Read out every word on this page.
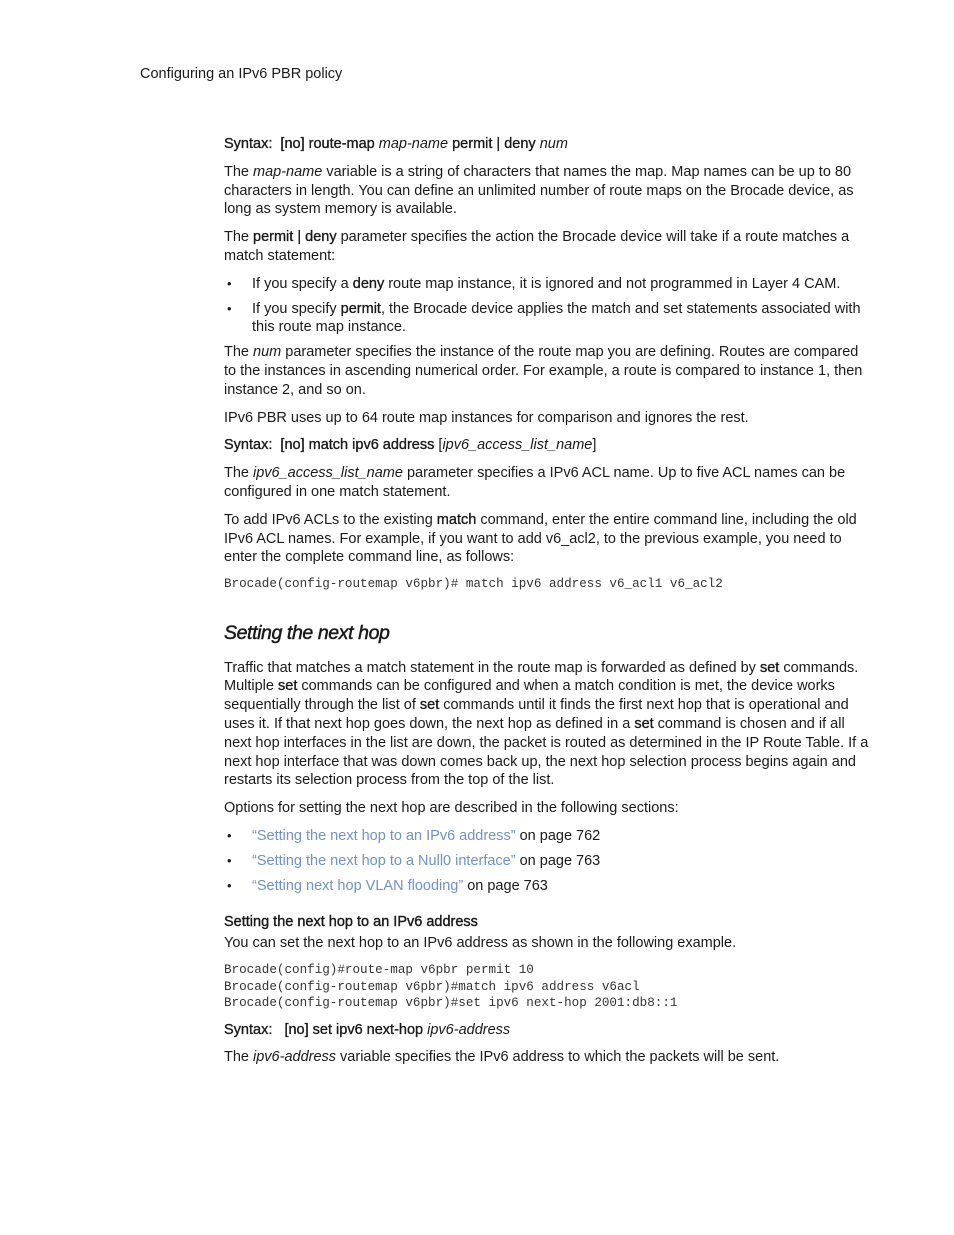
Configuring an IPv6 PBR policy

Syntax: [no] route-map map-name permit | deny num

The map-name variable is a string of characters that names the map. Map names can be up to 80 characters in length. You can define an unlimited number of route maps on the Brocade device, as long as system memory is available.

The permit | deny parameter specifies the action the Brocade device will take if a route matches a match statement:

• If you specify a deny route map instance, it is ignored and not programmed in Layer 4 CAM.
• If you specify permit, the Brocade device applies the match and set statements associated with this route map instance.

The num parameter specifies the instance of the route map you are defining. Routes are compared to the instances in ascending numerical order. For example, a route is compared to instance 1, then instance 2, and so on.

IPv6 PBR uses up to 64 route map instances for comparison and ignores the rest.

Syntax: [no] match ipv6 address [ipv6_access_list_name]

The ipv6_access_list_name parameter specifies a IPv6 ACL name. Up to five ACL names can be configured in one match statement.

To add IPv6 ACLs to the existing match command, enter the entire command line, including the old IPv6 ACL names. For example, if you want to add v6_acl2, to the previous example, you need to enter the complete command line, as follows:

Brocade(config-routemap v6pbr)# match ipv6 address v6_acl1 v6_acl2
Setting the next hop

Traffic that matches a match statement in the route map is forwarded as defined by set commands. Multiple set commands can be configured and when a match condition is met, the device works sequentially through the list of set commands until it finds the first next hop that is operational and uses it. If that next hop goes down, the next hop as defined in a set command is chosen and if all next hop interfaces in the list are down, the packet is routed as determined in the IP Route Table. If a next hop interface that was down comes back up, the next hop selection process begins again and restarts its selection process from the top of the list.

Options for setting the next hop are described in the following sections:

• “Setting the next hop to an IPv6 address” on page 762
• “Setting the next hop to a Null0 interface” on page 763
• “Setting next hop VLAN flooding” on page 763
Setting the next hop to an IPv6 address

You can set the next hop to an IPv6 address as shown in the following example.

Brocade(config)#route-map v6pbr permit 10
Brocade(config-routemap v6pbr)#match ipv6 address v6acl
Brocade(config-routemap v6pbr)#set ipv6 next-hop 2001:db8::1

Syntax: [no] set ipv6 next-hop ipv6-address

The ipv6-address variable specifies the IPv6 address to which the packets will be sent.
